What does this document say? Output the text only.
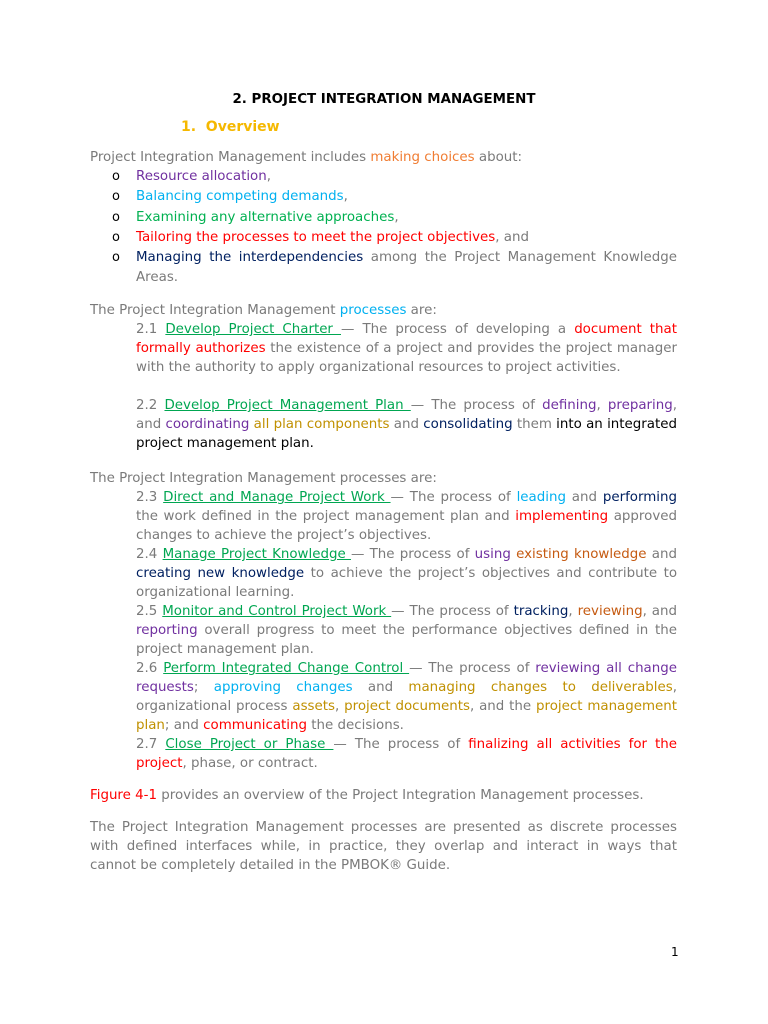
2. PROJECT INTEGRATION MANAGEMENT
1.  Overview
Project Integration Management includes making choices about:
o Resource allocation,
o Balancing competing demands,
o Examining any alternative approaches,
o Tailoring the processes to meet the project objectives, and
o Managing the interdependencies among the Project Management Knowledge Areas.
The Project Integration Management processes are:
2.1 Develop Project Charter — The process of developing a document that formally authorizes the existence of a project and provides the project manager with the authority to apply organizational resources to project activities.
2.2 Develop Project Management Plan — The process of defining, preparing, and coordinating all plan components and consolidating them into an integrated project management plan.
The Project Integration Management processes are:
2.3 Direct and Manage Project Work — The process of leading and performing the work defined in the project management plan and implementing approved changes to achieve the project’s objectives.
2.4 Manage Project Knowledge — The process of using existing knowledge and creating new knowledge to achieve the project’s objectives and contribute to organizational learning.
2.5 Monitor and Control Project Work — The process of tracking, reviewing, and reporting overall progress to meet the performance objectives defined in the project management plan.
2.6 Perform Integrated Change Control — The process of reviewing all change requests; approving changes and managing changes to deliverables, organizational process assets, project documents, and the project management plan; and communicating the decisions.
2.7 Close Project or Phase — The process of finalizing all activities for the project, phase, or contract.
Figure 4-1 provides an overview of the Project Integration Management processes.
The Project Integration Management processes are presented as discrete processes with defined interfaces while, in practice, they overlap and interact in ways that cannot be completely detailed in the PMBOK® Guide.
1
